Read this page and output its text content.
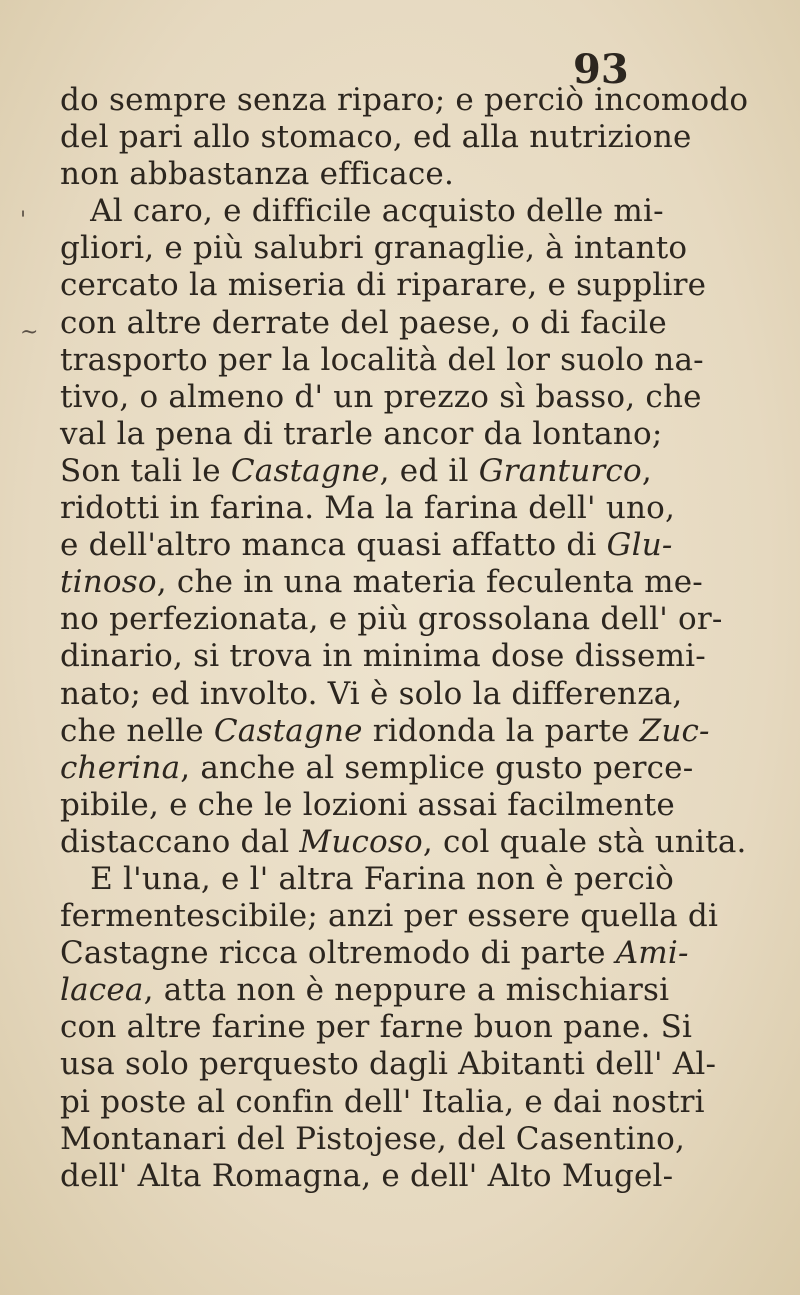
93
'
~
do sempre senza riparo; e perciò incomodo
del pari allo stomaco, ed alla nutrizione
non abbastanza efficace.
Al caro, e difficile acquisto delle mi-
gliori, e più salubri granaglie, à intanto
cercato la miseria di riparare, e supplire
con altre derrate del paese, o di facile
trasporto per la località del lor suolo na-
tivo, o almeno d' un prezzo sì basso, che
val la pena di trarle ancor da lontano;
Son tali le Castagne, ed il Granturco,
ridotti in farina. Ma la farina dell' uno,
e dell'altro manca quasi affatto di Glu-
tinoso, che in una materia feculenta me-
no perfezionata, e più grossolana dell' or-
dinario, si trova in minima dose dissemi-
nato; ed involto. Vi è solo la differenza,
che nelle Castagne ridonda la parte Zuc-
cherina, anche al semplice gusto perce-
pibile, e che le lozioni assai facilmente
distaccano dal Mucoso, col quale stà unita.
E l'una, e l' altra Farina non è perciò
fermentescibile; anzi per essere quella di
Castagne ricca oltremodo di parte Ami-
lacea, atta non è neppure a mischiarsi
con altre farine per farne buon pane. Si
usa solo perquesto dagli Abitanti dell' Al-
pi poste al confin dell' Italia, e dai nostri
Montanari del Pistojese, del Casentino,
dell' Alta Romagna, e dell' Alto Mugel-
